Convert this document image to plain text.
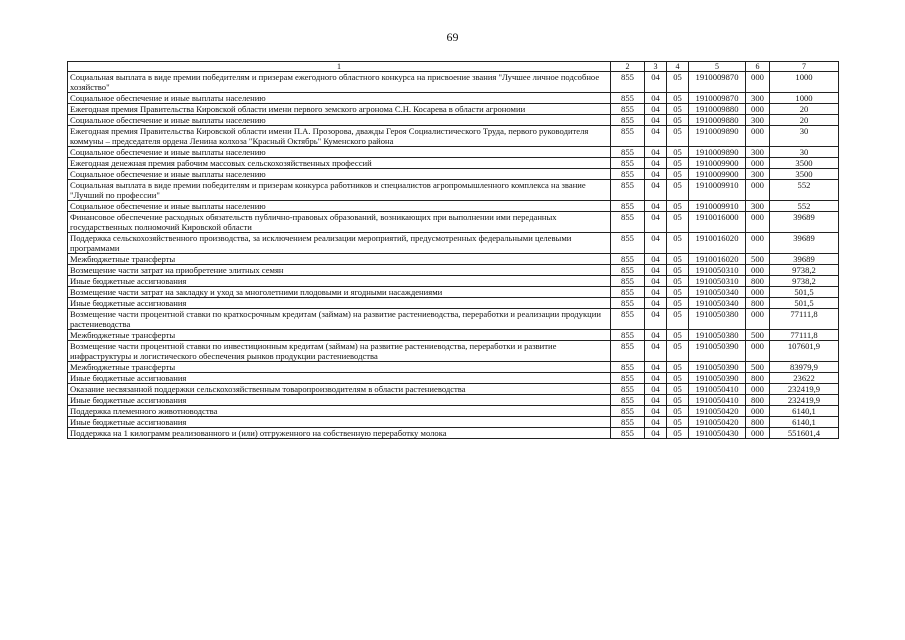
69
1	2	3	4	5	6	7
Социальная выплата в виде премии победителям и призерам ежегодного областного конкурса на присвоение звания "Лучшее личное подсобное хозяйство"	855	04	05	1910009870	000	1000
Социальное обеспечение и иные выплаты населению	855	04	05	1910009870	300	1000
Ежегодная премия Правительства Кировской области имени первого земского агронома С.Н. Косарева в области агрономии	855	04	05	1910009880	000	20
Социальное обеспечение и иные выплаты населению	855	04	05	1910009880	300	20
Ежегодная премия Правительства Кировской области имени П.А. Прозорова, дважды Героя Социалистического Труда, первого руководителя коммуны – председателя ордена Ленина колхоза "Красный Октябрь" Куменского района	855	04	05	1910009890	000	30
Социальное обеспечение и иные выплаты населению	855	04	05	1910009890	300	30
Ежегодная денежная премия рабочим массовых сельскохозяйственных профессий	855	04	05	1910009900	000	3500
Социальное обеспечение и иные выплаты населению	855	04	05	1910009900	300	3500
Социальная выплата в виде премии победителям и призерам конкурса работников и специалистов агропромышленного комплекса на звание "Лучший по профессии"	855	04	05	1910009910	000	552
Социальное обеспечение и иные выплаты населению	855	04	05	1910009910	300	552
Финансовое обеспечение расходных обязательств публично-правовых образований, возникающих при выполнении ими переданных государственных полномочий Кировской области	855	04	05	1910016000	000	39689
Поддержка сельскохозяйственного производства, за исключением реализации мероприятий, предусмотренных федеральными целевыми программами	855	04	05	1910016020	000	39689
Межбюджетные трансферты	855	04	05	1910016020	500	39689
Возмещение части затрат на приобретение элитных семян	855	04	05	1910050310	000	9738,2
Иные бюджетные ассигнования	855	04	05	1910050310	800	9738,2
Возмещение части затрат на закладку и уход за многолетними плодовыми и ягодными насаждениями	855	04	05	1910050340	000	501,5
Иные бюджетные ассигнования	855	04	05	1910050340	800	501,5
Возмещение части процентной ставки по краткосрочным кредитам (займам) на развитие растениеводства, переработки и реализации продукции растениеводства	855	04	05	1910050380	000	77111,8
Межбюджетные трансферты	855	04	05	1910050380	500	77111,8
Возмещение части процентной ставки по инвестиционным кредитам (займам) на развитие растениеводства, переработки и развитие инфраструктуры и логистического обеспечения рынков продукции растениеводства	855	04	05	1910050390	000	107601,9
Межбюджетные трансферты	855	04	05	1910050390	500	83979,9
Иные бюджетные ассигнования	855	04	05	1910050390	800	23622
Оказание несвязанной поддержки сельскохозяйственным товаропроизводителям в области растениеводства	855	04	05	1910050410	000	232419,9
Иные бюджетные ассигнования	855	04	05	1910050410	800	232419,9
Поддержка племенного животноводства	855	04	05	1910050420	000	6140,1
Иные бюджетные ассигнования	855	04	05	1910050420	800	6140,1
Поддержка на 1 килограмм реализованного и (или) отгруженного на собственную переработку молока	855	04	05	1910050430	000	551601,4
